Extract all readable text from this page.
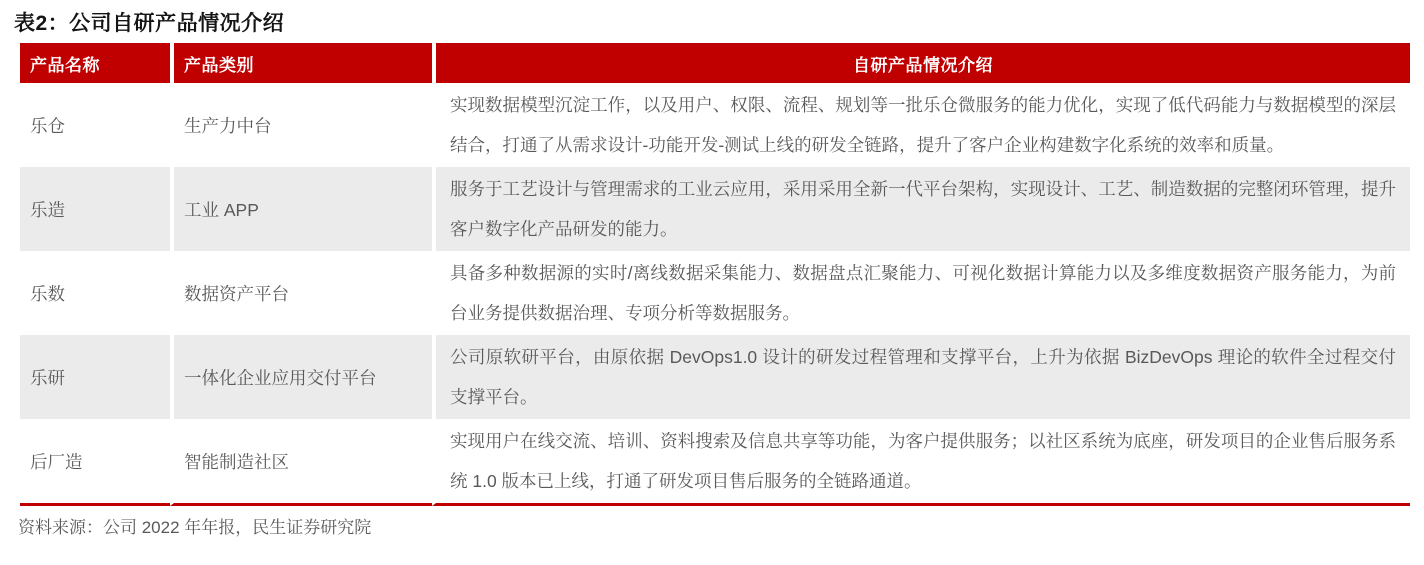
表2：公司自研产品情况介绍
产品名称	产品类别	自研产品情况介绍
乐仓	生产力中台	实现数据模型沉淀工作，以及用户、权限、流程、规划等一批乐仓微服务的能力优化，实现了低代码能力与数据模型的深层结合，打通了从需求设计-功能开发-测试上线的研发全链路，提升了客户企业构建数字化系统的效率和质量。
乐造	工业 APP	服务于工艺设计与管理需求的工业云应用，采用采用全新一代平台架构，实现设计、工艺、制造数据的完整闭环管理，提升客户数字化产品研发的能力。
乐数	数据资产平台	具备多种数据源的实时/离线数据采集能力、数据盘点汇聚能力、可视化数据计算能力以及多维度数据资产服务能力，为前台业务提供数据治理、专项分析等数据服务。
乐研	一体化企业应用交付平台	公司原软研平台，由原依据 DevOps1.0 设计的研发过程管理和支撑平台，上升为依据 BizDevOps 理论的软件全过程交付支撑平台。
后厂造	智能制造社区	实现用户在线交流、培训、资料搜索及信息共享等功能，为客户提供服务；以社区系统为底座，研发项目的企业售后服务系统 1.0 版本已上线，打通了研发项目售后服务的全链路通道。
资料来源：公司 2022 年年报，民生证券研究院
